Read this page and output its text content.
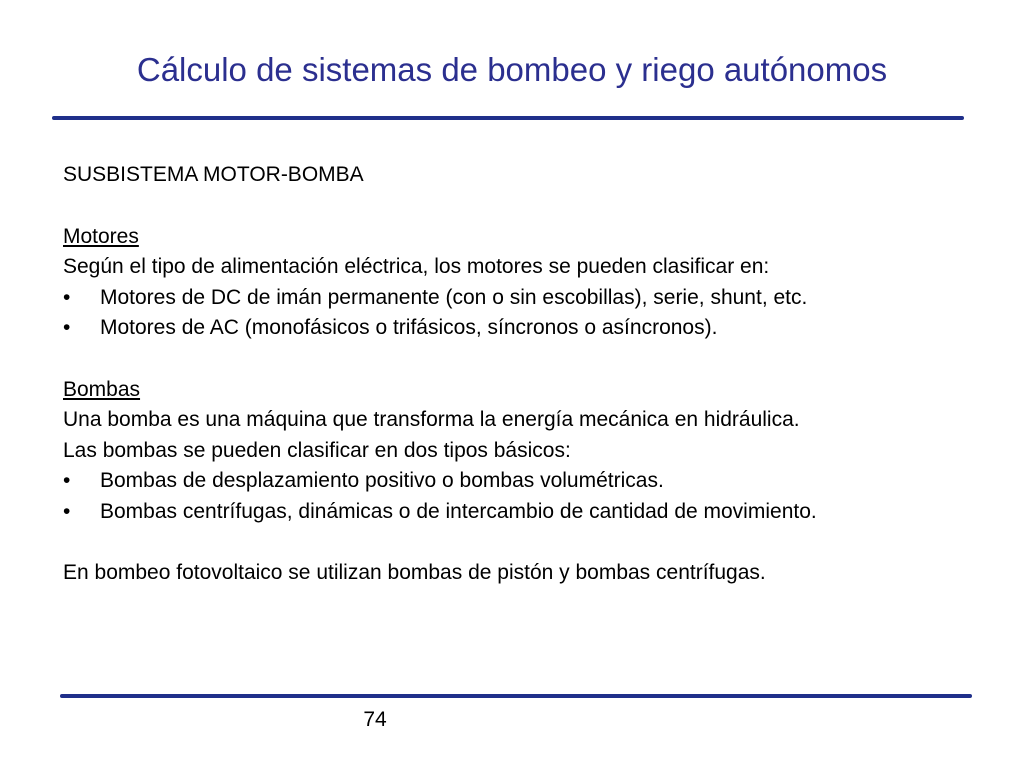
Cálculo de sistemas de bombeo y riego autónomos

SUSBISTEMA MOTOR-BOMBA

Motores

Según el tipo de alimentación eléctrica, los motores se pueden clasificar en:

•	Motores de DC de imán permanente (con o sin escobillas), serie, shunt, etc.
•	Motores de AC (monofásicos o trifásicos, síncronos o asíncronos).

Bombas

Una bomba es una máquina que transforma la energía mecánica en hidráulica.

Las bombas se pueden clasificar en dos tipos básicos:

•	Bombas de desplazamiento positivo o bombas volumétricas.
•	Bombas centrífugas, dinámicas o de intercambio de cantidad de movimiento.

En bombeo fotovoltaico se utilizan bombas de pistón y bombas centrífugas.

74
